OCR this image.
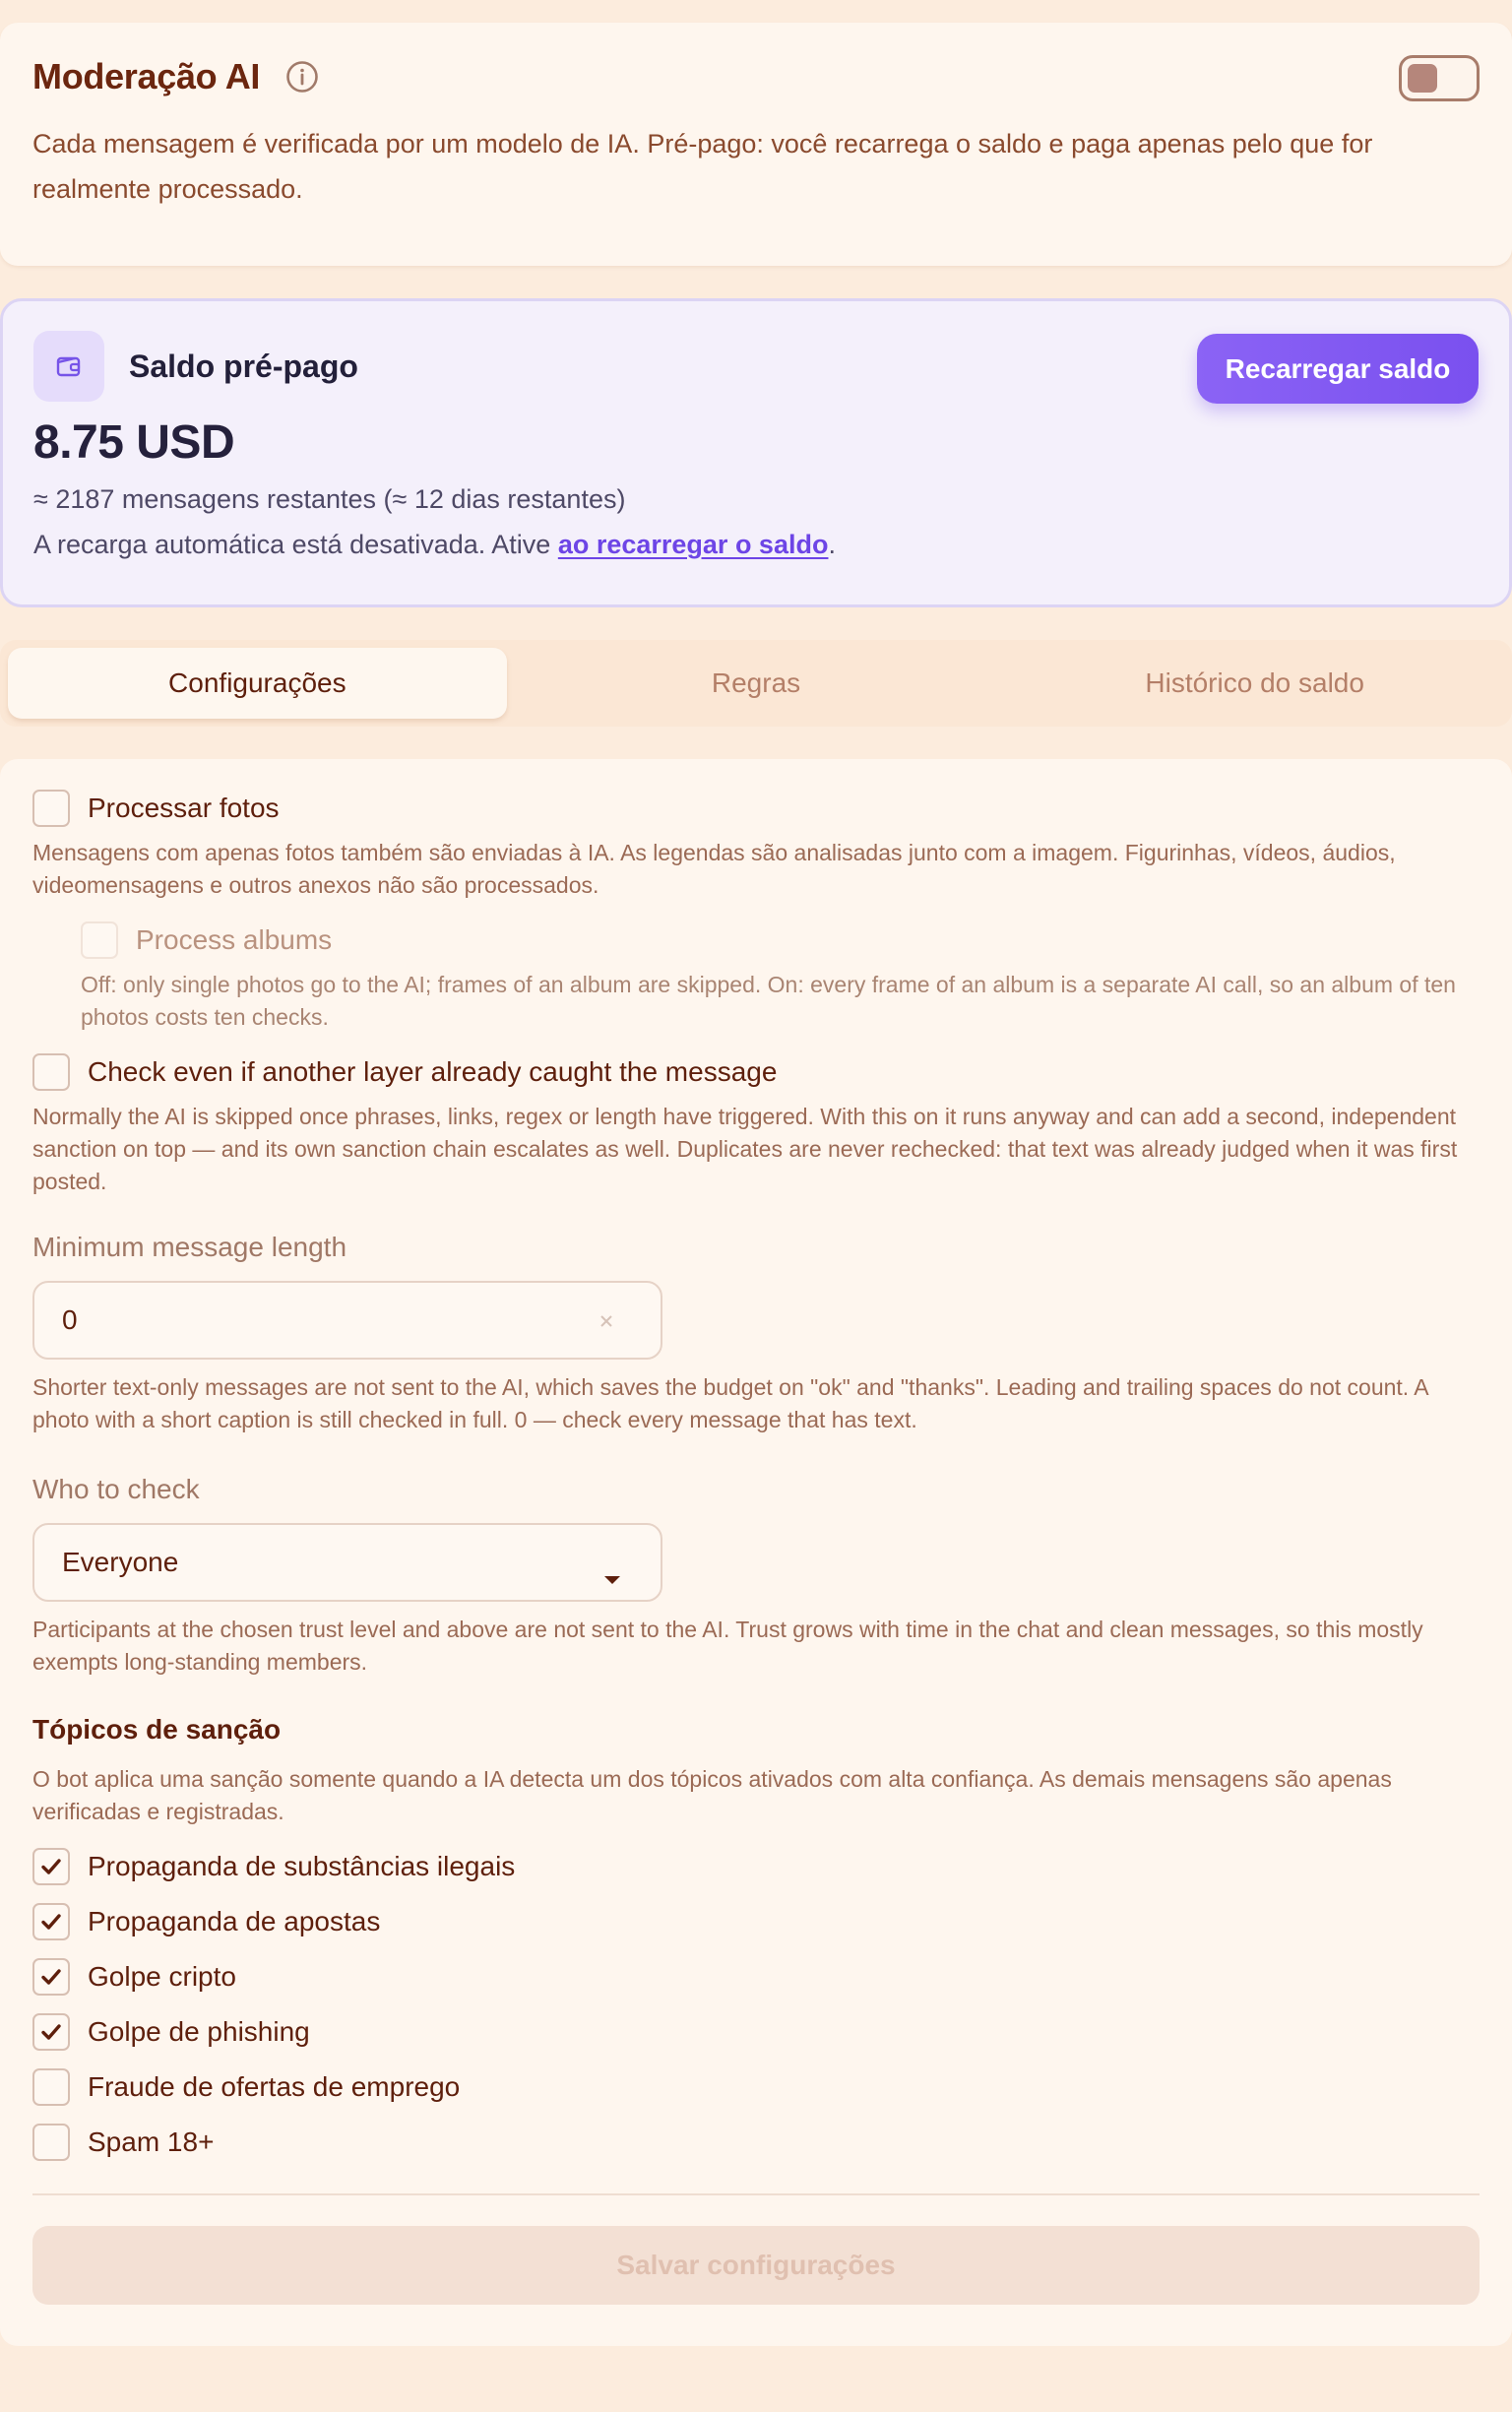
Moderação AI

Cada mensagem é verificada por um modelo de IA. Pré-pago: você recarrega o saldo e paga apenas pelo que for realmente processado.

Saldo pré-pago	Recarregar saldo
8.75 USD
≈ 2187 mensagens restantes (≈ 12 dias restantes)
A recarga automática está desativada. Ative ao recarregar o saldo.
Configurações	Regras	Histórico do saldo
Processar fotos

Mensagens com apenas fotos também são enviadas à IA. As legendas são analisadas junto com a imagem. Figurinhas, vídeos, áudios, videomensagens e outros anexos não são processados.

Process albums

Off: only single photos go to the AI; frames of an album are skipped. On: every frame of an album is a separate AI call, so an album of ten photos costs ten checks.

Check even if another layer already caught the message

Normally the AI is skipped once phrases, links, regex or length have triggered. With this on it runs anyway and can add a second, independent sanction on top — and its own sanction chain escalates as well. Duplicates are never rechecked: that text was already judged when it was first posted.

Minimum message length
0

Shorter text-only messages are not sent to the AI, which saves the budget on "ok" and "thanks". Leading and trailing spaces do not count. A photo with a short caption is still checked in full. 0 — check every message that has text.

Who to check
Everyone

Participants at the chosen trust level and above are not sent to the AI. Trust grows with time in the chat and clean messages, so this mostly exempts long-standing members.

Tópicos de sanção

O bot aplica uma sanção somente quando a IA detecta um dos tópicos ativados com alta confiança. As demais mensagens são apenas verificadas e registradas.

Propaganda de substâncias ilegais
Propaganda de apostas
Golpe cripto
Golpe de phishing
Fraude de ofertas de emprego
Spam 18+
Salvar configurações
